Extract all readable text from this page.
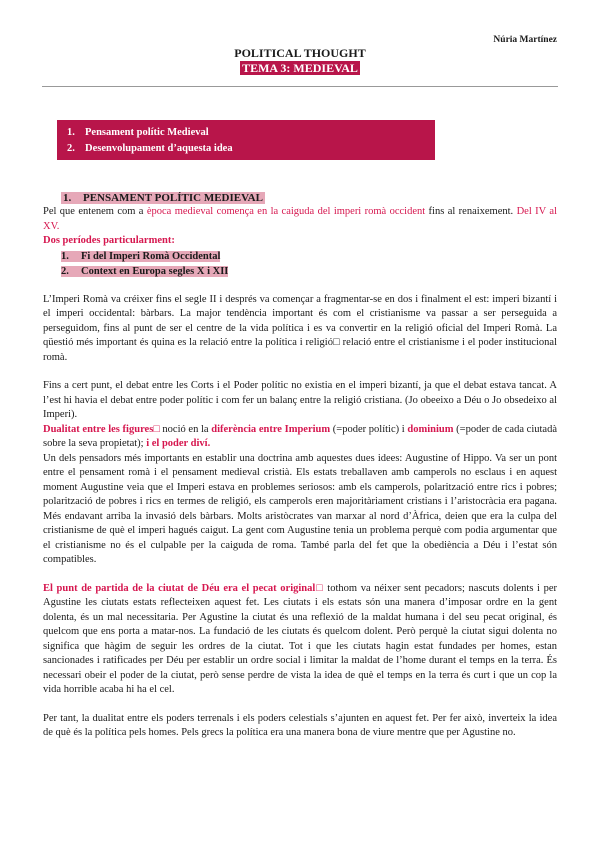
Núria Martínez
POLITICAL THOUGHT
TEMA 3: MEDIEVAL
1. Pensament polític Medieval
2. Desenvolupament d’aquesta idea
1. PENSAMENT POLÍTIC MEDIEVAL

Pel que entenem com a època medieval comença en la caiguda del imperi romà occident fins al renaixement. Del IV al XV.

Dos períodes particularment:
1. Fi del Imperi Romà Occidental
2. Context en Europa segles X i XII

L’Imperi Romà va créixer fins el segle II i després va començar a fragmentar-se en dos i finalment el est: imperi bizantí i el imperi occidental: bàrbars. La major tendència important és com el cristianisme va passar a ser perseguida a perseguidom, fins al punt de ser el centre de la vida política i es va convertir en la religió oficial del Imperi Romà. La qüestió més important és quina es la relació entre la política i religió□ relació entre el cristianisme i el poder institucional romà.

Fins a cert punt, el debat entre les Corts i el Poder polític no existia en el imperi bizantí, ja que el debat estava tancat. A l’est hi havia el debat entre poder polític i com fer un balanç entre la religió cristiana. (Jo obeeixo a Déu o Jo obsedeixo al Imperi).

Dualitat entre les figures□ noció en la diferència entre Imperium (=poder polític) i dominium (=poder de cada ciutadà sobre la seva propietat); i el poder diví.

Un dels pensadors més importants en establir una doctrina amb aquestes dues idees: Augustine of Hippo. Va ser un pont entre el pensament romà i el pensament medieval cristià. Els estats treballaven amb camperols no esclaus i en aquest moment Augustine veia que el Imperi estava en problemes seriosos: amb els camperols, polarització entre rics i pobres; polarització de pobres i rics en termes de religió, els camperols eren majoritàriament cristians i l’aristocràcia era pagana. Més endavant arriba la invasió dels bàrbars. Molts aristòcrates van marxar al nord d’Àfrica, deien que era la culpa del cristianisme de què el imperi hagués caigut. La gent com Augustine tenia un problema perquè com podia argumentar que el cristianisme no és el culpable per la caiguda de roma. També parla del fet que la obediència a Déu i l’estat són compatibles.

El punt de partida de la ciutat de Déu era el pecat original□ tothom va néixer sent pecadors; nascuts dolents i per Agustine les ciutats estats reflecteixen aquest fet. Les ciutats i els estats són una manera d’imposar ordre en la gent dolenta, és un mal necessitaria. Per Agustine la ciutat és una reflexió de la maldat humana i del seu pecat original, és quelcom que ens porta a matar-nos. La fundació de les ciutats és quelcom dolent. Però perquè la ciutat sigui dolenta no significa que hàgim de seguir les ordres de la ciutat. Tot i que les ciutats hagin estat fundades per homes, estan sancionades i ratificades per Déu per establir un ordre social i limitar la maldat de l’home durant el temps en la terra. És necessari obeir el poder de la ciutat, però sense perdre de vista la idea de què el temps en la terra és curt i que un cop la vida horrible acaba hi ha el cel.

Per tant, la dualitat entre els poders terrenals i els poders celestials s’ajunten en aquest fet. Per fer això, inverteix la idea de què és la política pels homes. Pels grecs la política era una manera bona de viure mentre que per Agustine no.
